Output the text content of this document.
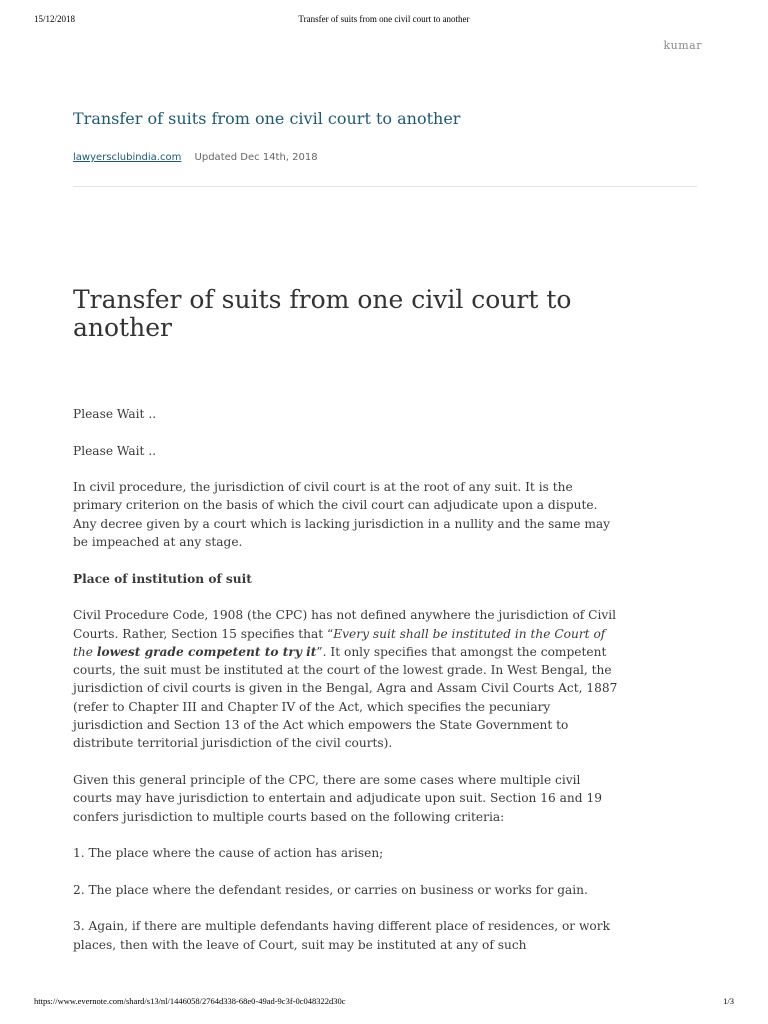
15/12/2018	Transfer of suits from one civil court to another
kumar
Transfer of suits from one civil court to another
lawyersclubindia.com Updated Dec 14th, 2018
Transfer of suits from one civil court to another

Please Wait ..

Please Wait ..

In civil procedure, the jurisdiction of civil court is at the root of any suit. It is the primary criterion on the basis of which the civil court can adjudicate upon a dispute. Any decree given by a court which is lacking jurisdiction in a nullity and the same may be impeached at any stage.

Place of institution of suit

Civil Procedure Code, 1908 (the CPC) has not defined anywhere the jurisdiction of Civil Courts. Rather, Section 15 specifies that “Every suit shall be instituted in the Court of the lowest grade competent to try it”. It only specifies that amongst the competent courts, the suit must be instituted at the court of the lowest grade. In West Bengal, the jurisdiction of civil courts is given in the Bengal, Agra and Assam Civil Courts Act, 1887 (refer to Chapter III and Chapter IV of the Act, which specifies the pecuniary jurisdiction and Section 13 of the Act which empowers the State Government to distribute territorial jurisdiction of the civil courts).

Given this general principle of the CPC, there are some cases where multiple civil courts may have jurisdiction to entertain and adjudicate upon suit. Section 16 and 19 confers jurisdiction to multiple courts based on the following criteria:

1. The place where the cause of action has arisen;

2. The place where the defendant resides, or carries on business or works for gain.

3. Again, if there are multiple defendants having different place of residences, or work places, then with the leave of Court, suit may be instituted at any of such

https://www.evernote.com/shard/s13/nl/1446058/2764d338-68e0-49ad-9c3f-0c048322d30c	1/3
